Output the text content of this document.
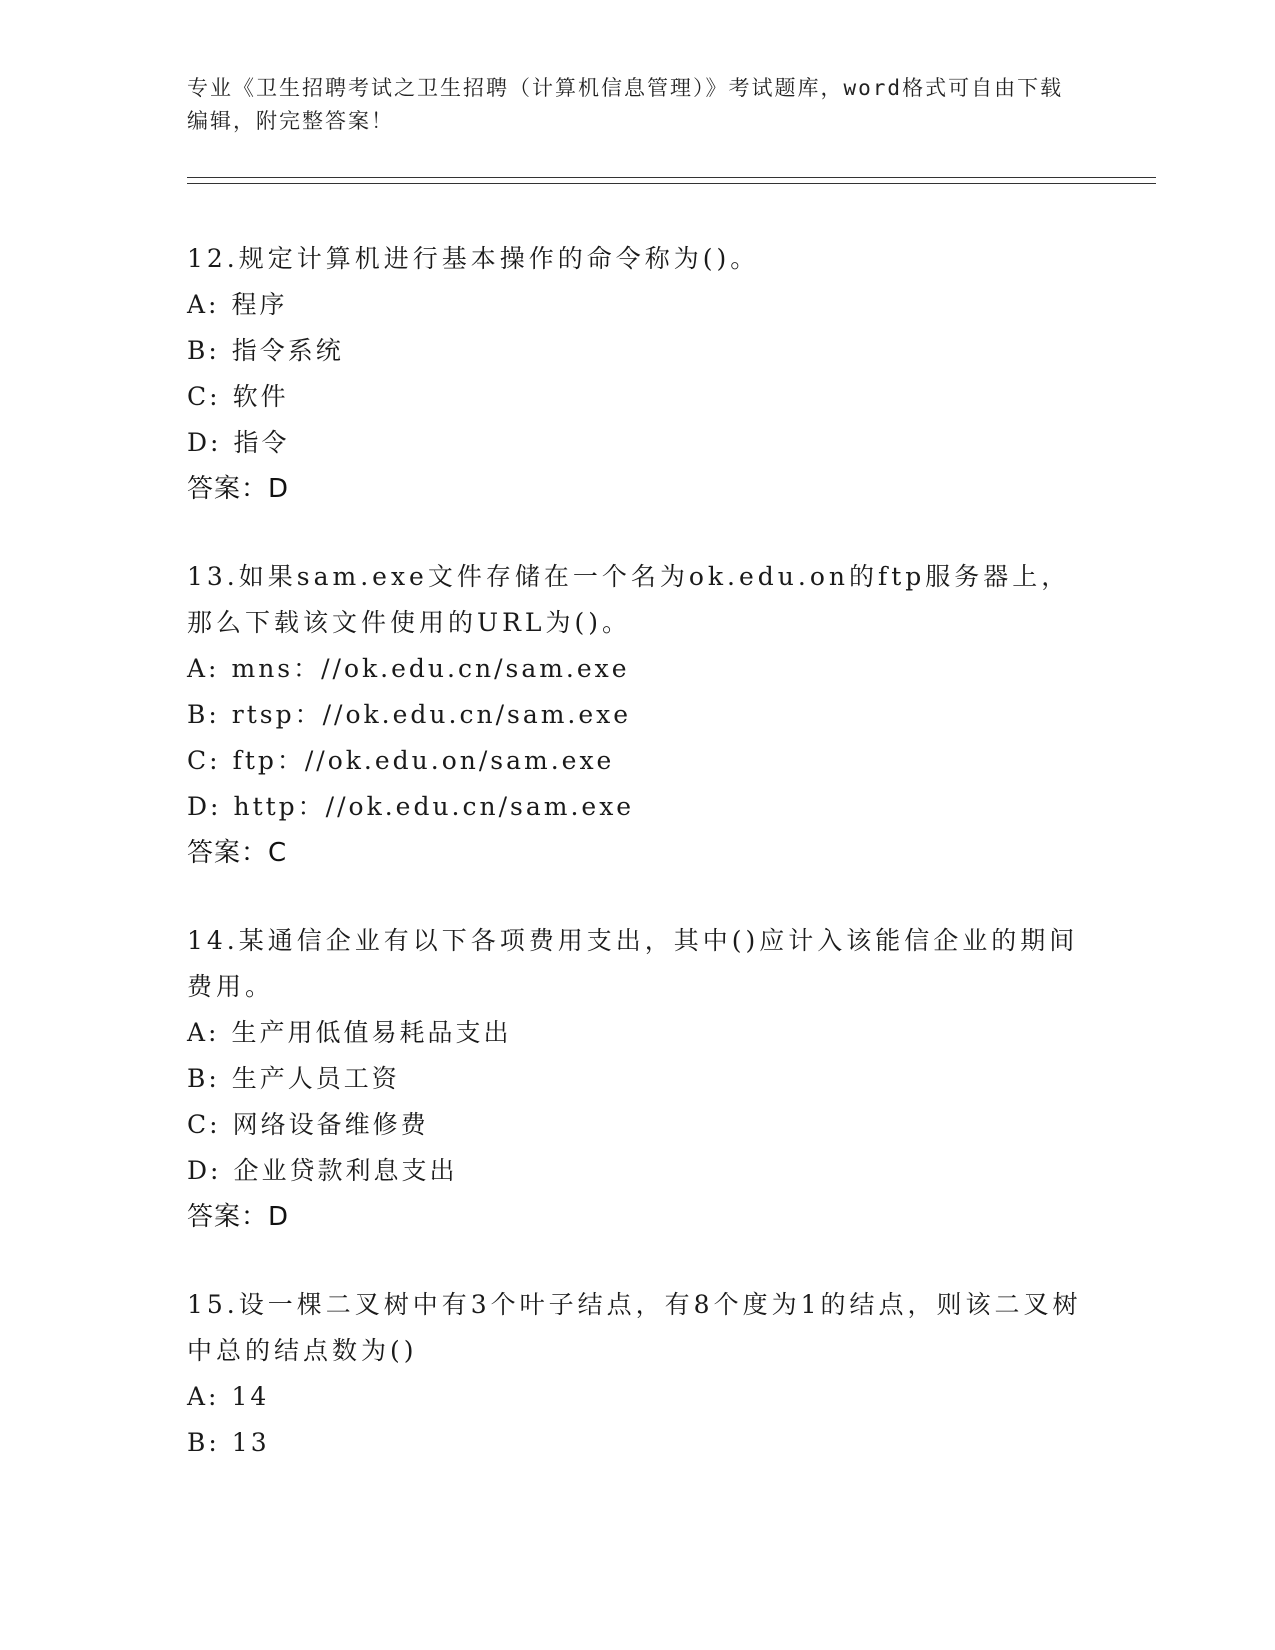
专业《卫生招聘考试之卫生招聘（计算机信息管理）》考试题库，word格式可自由下载编辑，附完整答案！
12.规定计算机进行基本操作的命令称为()。
A: 程序
B: 指令系统
C: 软件
D: 指令
答案：D
13.如果sam.exe文件存储在一个名为ok.edu.on的ftp服务器上，那么下载该文件使用的URL为()。
A: mns：//ok.edu.cn/sam.exe
B: rtsp：//ok.edu.cn/sam.exe
C: ftp：//ok.edu.on/sam.exe
D: http：//ok.edu.cn/sam.exe
答案：C
14.某通信企业有以下各项费用支出，其中()应计入该能信企业的期间费用。
A: 生产用低值易耗品支出
B: 生产人员工资
C: 网络设备维修费
D: 企业贷款利息支出
答案：D
15.设一棵二叉树中有3个叶子结点，有8个度为1的结点，则该二叉树中总的结点数为()
A: 14
B: 13
